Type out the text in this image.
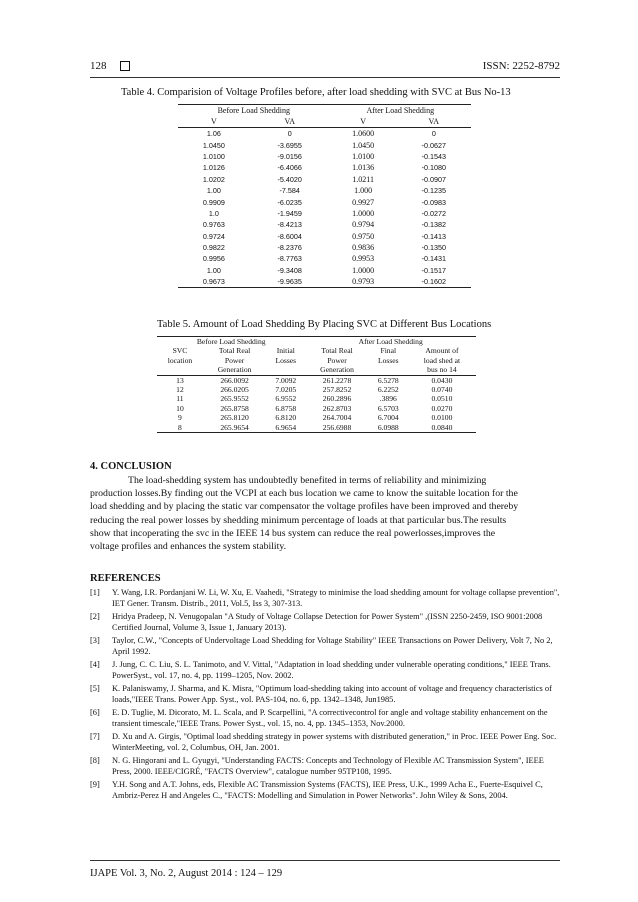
128	ISSN: 2252-8792
Table 4. Comparision of Voltage Profiles before, after load shedding with SVC at Bus No-13
Before Load Shedding		After Load Shedding	
V	VA	V	VA
1.06	0	1.0600	0
1.0450	-3.6955	1.0450	-0.0627
1.0100	-9.0156	1.0100	-0.1543
1.0126	-6.4066	1.0136	-0.1080
1.0202	-5.4020	1.0211	-0.0907
1.00	-7.584	1.000	-0.1235
0.9909	-6.0235	0.9927	-0.0983
1.0	-1.9459	1.0000	-0.0272
0.9763	-8.4213	0.9794	-0.1382
0.9724	-8.6004	0.9750	-0.1413
0.9822	-8.2376	0.9836	-0.1350
0.9956	-8.7763	0.9953	-0.1431
1.00	-9.3408	1.0000	-0.1517
0.9673	-9.9635	0.9793	-0.1602
Table 5. Amount of Load Shedding By Placing SVC at Different Bus Locations
Before Load Shedding			After Load Shedding		
SVC	Total Real	Initial	Total Real	Final	Amount of
location	Power	Losses	Power	Losses	load shed at
	Generation		Generation		bus no 14
13	266.0092	7.0092	261.2278	6.5278	0.0430
12	266.0205	7.0205	257.8252	6.2252	0.0740
11	265.9552	6.9552	260.2896	.3896	0.0510
10	265.8758	6.8758	262.8703	6.5703	0.0270
9	265.8120	6.8120	264.7004	6.7004	0.0100
8	265.9654	6.9654	256.6988	6.0988	0.0840
4. CONCLUSION
The load-shedding system has undoubtedly benefited in terms of reliability and minimizing
production losses.By finding out the VCPI at each bus location we came to know the suitable location for the
load shedding and by placing the static var compensator the voltage profiles have been improved and thereby
reducing the real power losses by shedding minimum percentage of loads at that particular bus.The results
show that incoperating the svc in the IEEE 14 bus system can reduce the real powerlosses,improves the
voltage profiles and enhances the system stability.
REFERENCES
[1] Y. Wang, I.R. Pordanjani W. Li, W. Xu, E. Vaahedi, "Strategy to minimise the load shedding amount for voltage collapse prevention", IET Gener. Transm. Distrib., 2011, Vol.5, Iss 3, 307-313.
[2] Hridya Pradeep, N. Venugopalan "A Study of Voltage Collapse Detection for Power System" ,(ISSN 2250-2459, ISO 9001:2008 Certified Journal, Volume 3, Issue 1, January 2013).
[3] Taylor, C.W., "Concepts of Undervoltage Load Shedding for Voltage Stability" IEEE Transactions on Power Delivery, Volt 7, No 2, April 1992.
[4] J. Jung, C. C. Liu, S. L. Tanimoto, and V. Vittal, "Adaptation in load shedding under vulnerable operating conditions," IEEE Trans. PowerSyst., vol. 17, no. 4, pp. 1199–1205, Nov. 2002.
[5] K. Palaniswamy, J. Sharma, and K. Misra, "Optimum load-shedding taking into account of voltage and frequency characteristics of loads,"IEEE Trans. Power App. Syst., vol. PAS-104, no. 6, pp. 1342–1348, Jun1985.
[6] E. D. Tuglie, M. Dicorato, M. L. Scala, and P. Scarpellini, "A correctivecontrol for angle and voltage stability enhancement on the transient timescale,"IEEE Trans. Power Syst., vol. 15, no. 4, pp. 1345–1353, Nov.2000.
[7] D. Xu and A. Girgis, "Optimal load shedding strategy in power systems with distributed generation," in Proc. IEEE Power Eng. Soc. WinterMeeting, vol. 2, Columbus, OH, Jan. 2001.
[8] N. G. Hingorani and L. Gyugyi, "Understanding FACTS: Concepts and Technology of Flexible AC Transmission System", IEEE Press, 2000. IEEE/CIGRÉ, "FACTS Overview", catalogue number 95TP108, 1995.
[9] Y.H. Song and A.T. Johns, eds, Flexible AC Transmission Systems (FACTS), IEE Press, U.K., 1999 Acha E., Fuerte-Esquivel C, Ambriz-Perez H and Angeles C., "FACTS: Modelling and Simulation in Power Networks". John Wiley & Sons, 2004.
IJAPE Vol. 3, No. 2, August 2014 : 124 – 129
